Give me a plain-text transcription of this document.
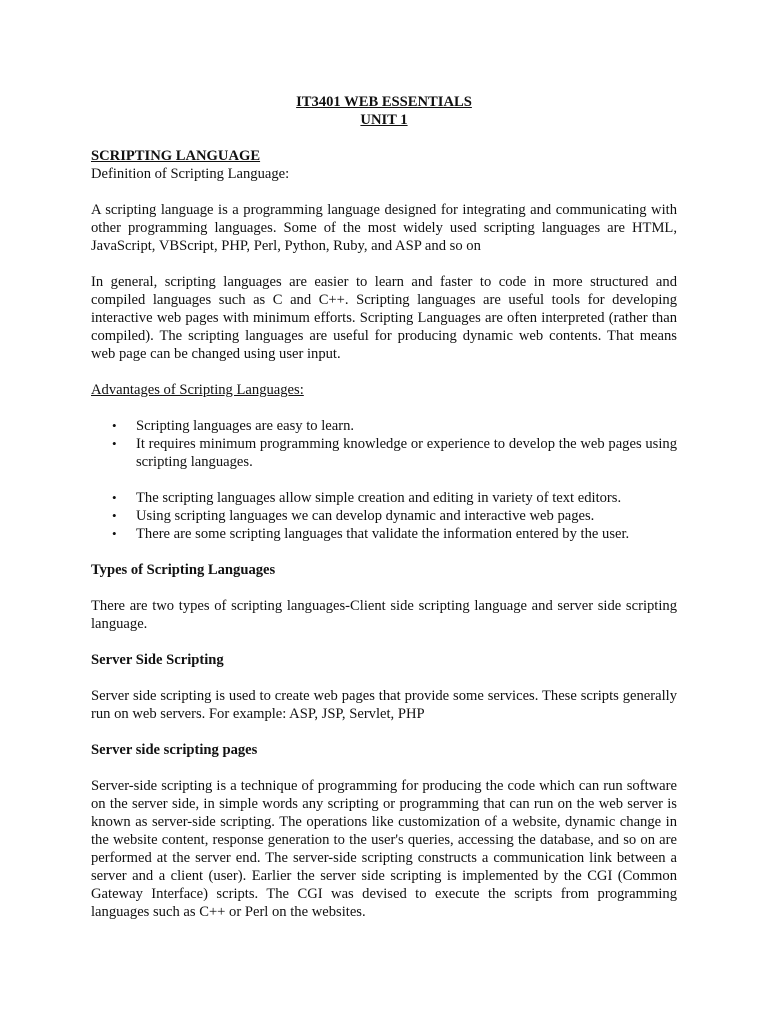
IT3401 WEB ESSENTIALS

UNIT 1

SCRIPTING LANGUAGE

Definition of Scripting Language:

A scripting language is a programming language designed for integrating and communicating with other programming languages. Some of the most widely used scripting languages are HTML, JavaScript, VBScript, PHP, Perl, Python, Ruby, and ASP and so on

In general, scripting languages are easier to learn and faster to code in more structured and compiled languages such as C and C++. Scripting languages are useful tools for developing interactive web pages with minimum efforts. Scripting Languages are often interpreted (rather than compiled). The scripting languages are useful for producing dynamic web contents. That means web page can be changed using user input.

Advantages of Scripting Languages:

• Scripting languages are easy to learn.
• It requires minimum programming knowledge or experience to develop the web pages using scripting languages.
• The scripting languages allow simple creation and editing in variety of text editors.
• Using scripting languages we can develop dynamic and interactive web pages.
• There are some scripting languages that validate the information entered by the user.

Types of Scripting Languages

There are two types of scripting languages-Client side scripting language and server side scripting language.

Server Side Scripting

Server side scripting is used to create web pages that provide some services. These scripts generally run on web servers. For example: ASP, JSP, Servlet, PHP

Server side scripting pages

Server-side scripting is a technique of programming for producing the code which can run software on the server side, in simple words any scripting or programming that can run on the web server is known as server-side scripting. The operations like customization of a website, dynamic change in the website content, response generation to the user's queries, accessing the database, and so on are performed at the server end. The server-side scripting constructs a communication link between a server and a client (user). Earlier the server side scripting is implemented by the CGI (Common Gateway Interface) scripts. The CGI was devised to execute the scripts from programming languages such as C++ or Perl on the websites.
